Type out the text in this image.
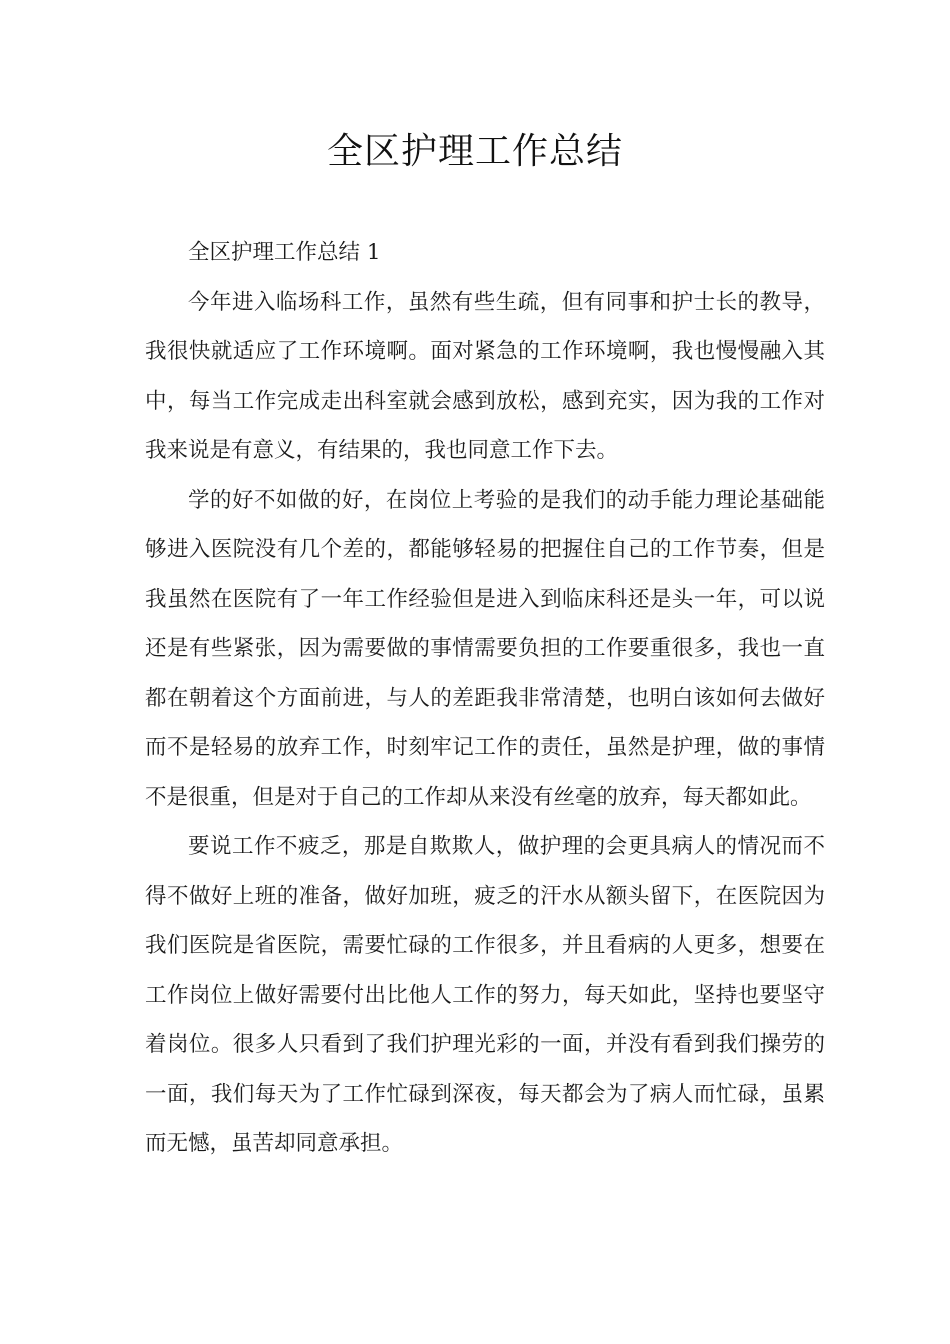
全区护理工作总结
全区护理工作总结 1

今年进入临场科工作，虽然有些生疏，但有同事和护士长的教导，我很快就适应了工作环境啊。面对紧急的工作环境啊，我也慢慢融入其中，每当工作完成走出科室就会感到放松，感到充实，因为我的工作对我来说是有意义，有结果的，我也同意工作下去。

学的好不如做的好，在岗位上考验的是我们的动手能力理论基础能够进入医院没有几个差的，都能够轻易的把握住自己的工作节奏，但是我虽然在医院有了一年工作经验但是进入到临床科还是头一年，可以说还是有些紧张，因为需要做的事情需要负担的工作要重很多，我也一直都在朝着这个方面前进，与人的差距我非常清楚，也明白该如何去做好而不是轻易的放弃工作，时刻牢记工作的责任，虽然是护理，做的事情不是很重，但是对于自己的工作却从来没有丝毫的放弃，每天都如此。

要说工作不疲乏，那是自欺欺人，做护理的会更具病人的情况而不得不做好上班的准备，做好加班，疲乏的汗水从额头留下，在医院因为我们医院是省医院，需要忙碌的工作很多，并且看病的人更多，想要在工作岗位上做好需要付出比他人工作的努力，每天如此，坚持也要坚守着岗位。很多人只看到了我们护理光彩的一面，并没有看到我们操劳的一面，我们每天为了工作忙碌到深夜，每天都会为了病人而忙碌，虽累而无憾，虽苦却同意承担。
